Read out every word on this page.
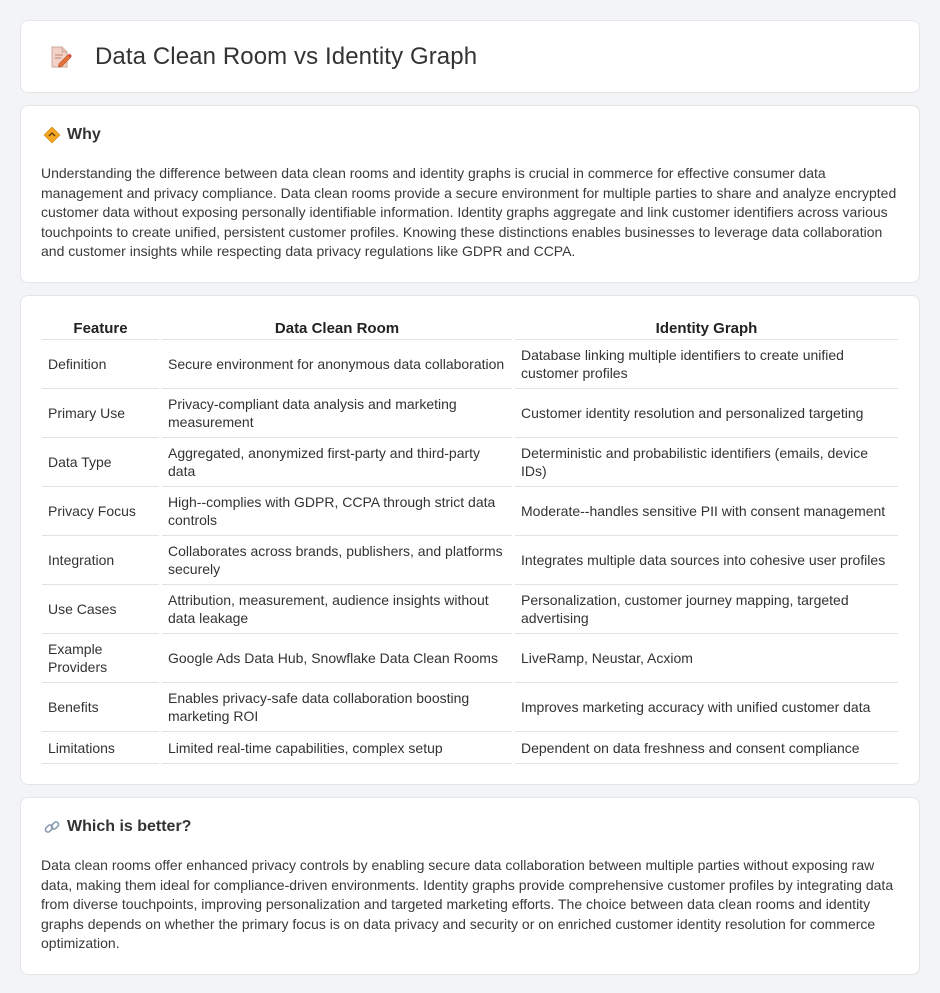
Data Clean Room vs Identity Graph
Why

Understanding the difference between data clean rooms and identity graphs is crucial in commerce for effective consumer data management and privacy compliance. Data clean rooms provide a secure environment for multiple parties to share and analyze encrypted customer data without exposing personally identifiable information. Identity graphs aggregate and link customer identifiers across various touchpoints to create unified, persistent customer profiles. Knowing these distinctions enables businesses to leverage data collaboration and customer insights while respecting data privacy regulations like GDPR and CCPA.

Feature	Data Clean Room	Identity Graph
Definition	Secure environment for anonymous data collaboration	Database linking multiple identifiers to create unified customer profiles
Primary Use	Privacy-compliant data analysis and marketing measurement	Customer identity resolution and personalized targeting
Data Type	Aggregated, anonymized first-party and third-party data	Deterministic and probabilistic identifiers (emails, device IDs)
Privacy Focus	High--complies with GDPR, CCPA through strict data controls	Moderate--handles sensitive PII with consent management
Integration	Collaborates across brands, publishers, and platforms securely	Integrates multiple data sources into cohesive user profiles
Use Cases	Attribution, measurement, audience insights without data leakage	Personalization, customer journey mapping, targeted advertising
Example Providers	Google Ads Data Hub, Snowflake Data Clean Rooms	LiveRamp, Neustar, Acxiom
Benefits	Enables privacy-safe data collaboration boosting marketing ROI	Improves marketing accuracy with unified customer data
Limitations	Limited real-time capabilities, complex setup	Dependent on data freshness and consent compliance
Which is better?

Data clean rooms offer enhanced privacy controls by enabling secure data collaboration between multiple parties without exposing raw data, making them ideal for compliance-driven environments. Identity graphs provide comprehensive customer profiles by integrating data from diverse touchpoints, improving personalization and targeted marketing efforts. The choice between data clean rooms and identity graphs depends on whether the primary focus is on data privacy and security or on enriched customer identity resolution for commerce optimization.
